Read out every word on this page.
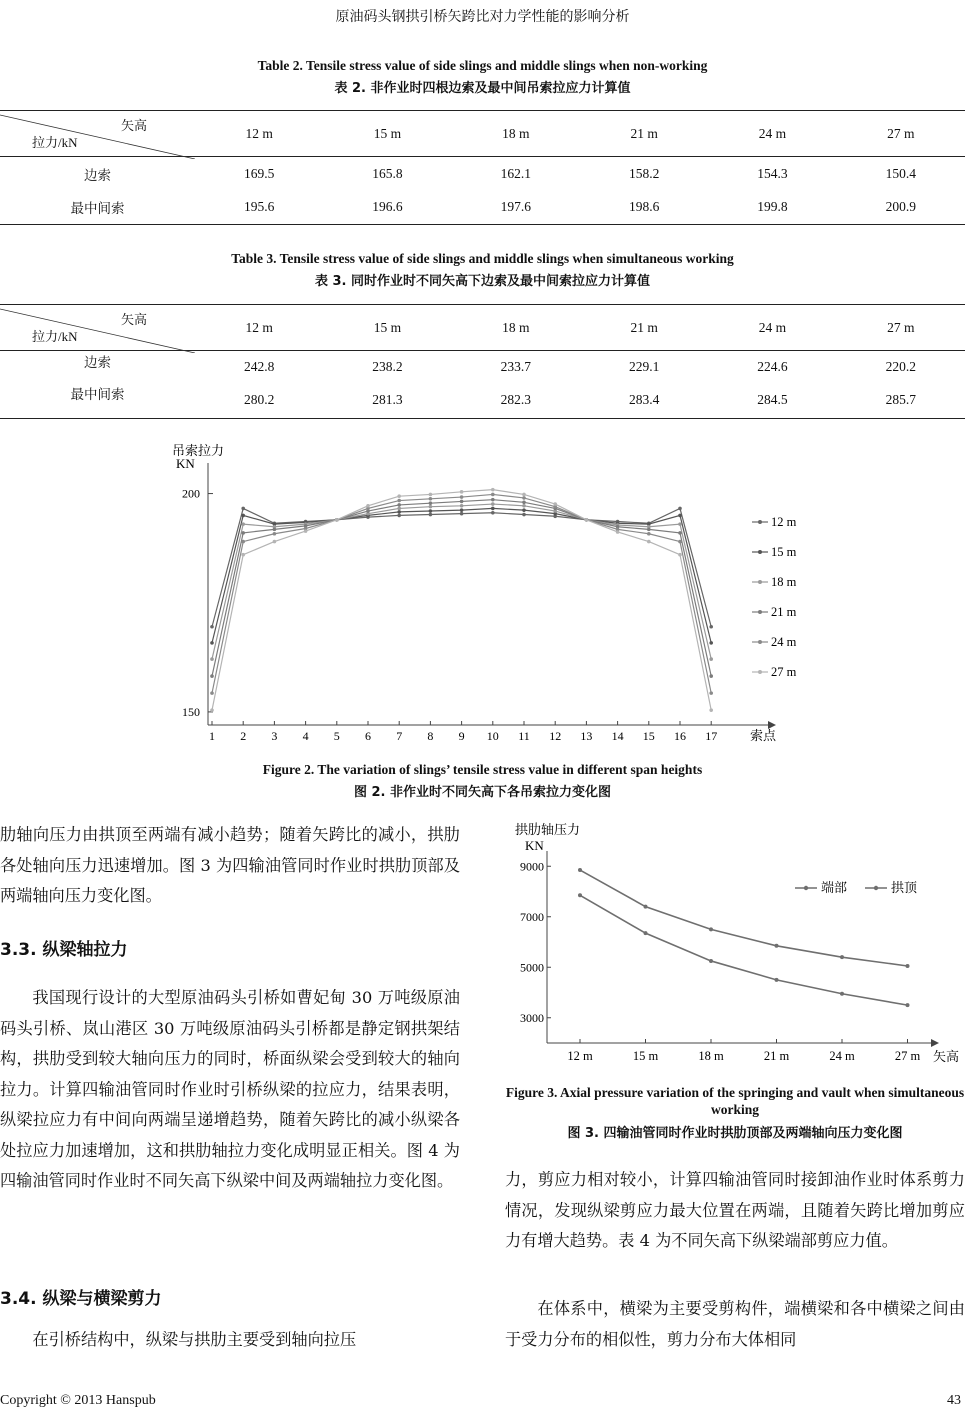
原油码头钢拱引桥矢跨比对力学性能的影响分析
Table 2. Tensile stress value of side slings and middle slings when non-working
表 2. 非作业时四根边索及最中间吊索拉应力计算值
矢高
拉力/kN	12 m	15 m	18 m	21 m	24 m	27 m
边索	169.5	165.8	162.1	158.2	154.3	150.4
最中间索	195.6	196.6	197.6	198.6	199.8	200.9
Table 3. Tensile stress value of side slings and middle slings when simultaneous working
表 3. 同时作业时不同矢高下边索及最中间索拉应力计算值
矢高
拉力/kN	12 m	15 m	18 m	21 m	24 m	27 m
边索	242.8	238.2	233.7	229.1	224.6	220.2
最中间索	280.2	281.3	282.3	283.4	284.5	285.7
吊索拉力
KN
索点
200
150
1 2 3 4 5 6 7 8 9 10 11 12 13 14 15 16 17
12 m
15 m
18 m
21 m
24 m
27 m
Figure 2. The variation of slings’ tensile stress value in different span heights
图 2. 非作业时不同矢高下各吊索拉力变化图
肋轴向压力由拱顶至两端有减小趋势；随着矢跨比的减小，拱肋各处轴向压力迅速增加。图 3 为四输油管同时作业时拱肋顶部及两端轴向压力变化图。
3.3. 纵梁轴拉力
我国现行设计的大型原油码头引桥如曹妃甸 30 万吨级原油码头引桥、岚山港区 30 万吨级原油码头引桥都是静定钢拱架结构，拱肋受到较大轴向压力的同时，桥面纵梁会受到较大的轴向拉力。计算四输油管同时作业时引桥纵梁的拉应力，结果表明，纵梁拉应力有中间向两端呈递增趋势，随着矢跨比的减小纵梁各处拉应力加速增加，这和拱肋轴拉力变化成明显正相关。图 4 为四输油管同时作业时不同矢高下纵梁中间及两端轴拉力变化图。
3.4. 纵梁与横梁剪力
在引桥结构中，纵梁与拱肋主要受到轴向拉压
拱肋轴压力
KN
矢高
9000
7000
5000
3000
12 m	15 m	18 m	21 m	24 m	27 m
端部	拱顶
Figure 3. Axial pressure variation of the springing and vault when simultaneous working
图 3. 四输油管同时作业时拱肋顶部及两端轴向压力变化图
力，剪应力相对较小，计算四输油管同时接卸油作业时体系剪力情况，发现纵梁剪应力最大位置在两端，且随着矢跨比增加剪应力有增大趋势。表 4 为不同矢高下纵梁端部剪应力值。
在体系中，横梁为主要受剪构件，端横梁和各中横梁之间由于受力分布的相似性，剪力分布大体相同
Copyright © 2013 Hanspub	43
